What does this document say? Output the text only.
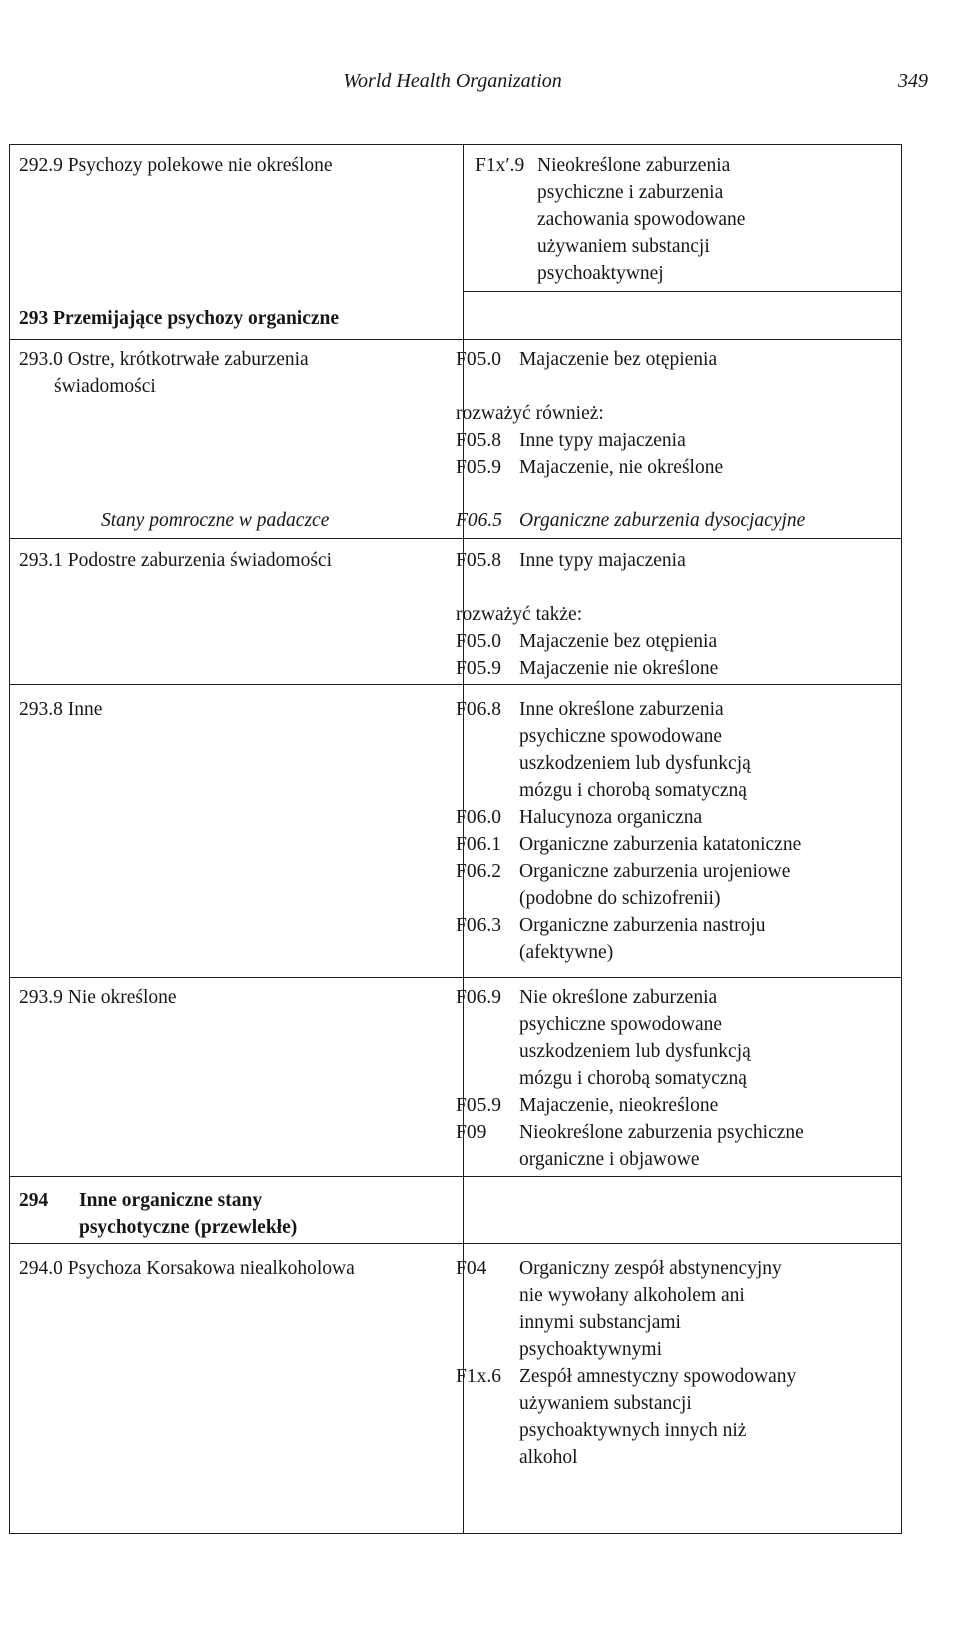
World Health Organization	349
292.9 Psychozy polekowe nie określone
293 Przemijające psychozy organiczne
293.0 Ostre, krótkotrwałe zaburzenia
świadomości
Stany pomroczne w padaczce
293.1 Podostre zaburzenia świadomości
293.8 Inne
293.9 Nie określone
294 Inne organiczne stany
psychotyczne (przewlekłe)
294.0 Psychoza Korsakowa niealkoholowa
F1x′.9 Nieokreślone zaburzenia
psychiczne i zaburzenia
zachowania spowodowane
używaniem substancji
psychoaktywnej
F05.0 Majaczenie bez otępienia
rozważyć również:
F05.8 Inne typy majaczenia
F05.9 Majaczenie, nie określone
F06.5 Organiczne zaburzenia dysocjacyjne
F05.8 Inne typy majaczenia
rozważyć także:
F05.0 Majaczenie bez otępienia
F05.9 Majaczenie nie określone
F06.8 Inne określone zaburzenia
psychiczne spowodowane
uszkodzeniem lub dysfunkcją
mózgu i chorobą somatyczną
F06.0 Halucynoza organiczna
F06.1 Organiczne zaburzenia katatoniczne
F06.2 Organiczne zaburzenia urojeniowe
(podobne do schizofrenii)
F06.3 Organiczne zaburzenia nastroju
(afektywne)
F06.9 Nie określone zaburzenia
psychiczne spowodowane
uszkodzeniem lub dysfunkcją
mózgu i chorobą somatyczną
F05.9 Majaczenie, nieokreślone
F09 Nieokreślone zaburzenia psychiczne
organiczne i objawowe
F04 Organiczny zespół abstynencyjny
nie wywołany alkoholem ani
innymi substancjami
psychoaktywnymi
F1x.6 Zespół amnestyczny spowodowany
używaniem substancji
psychoaktywnych innych niż
alkohol
